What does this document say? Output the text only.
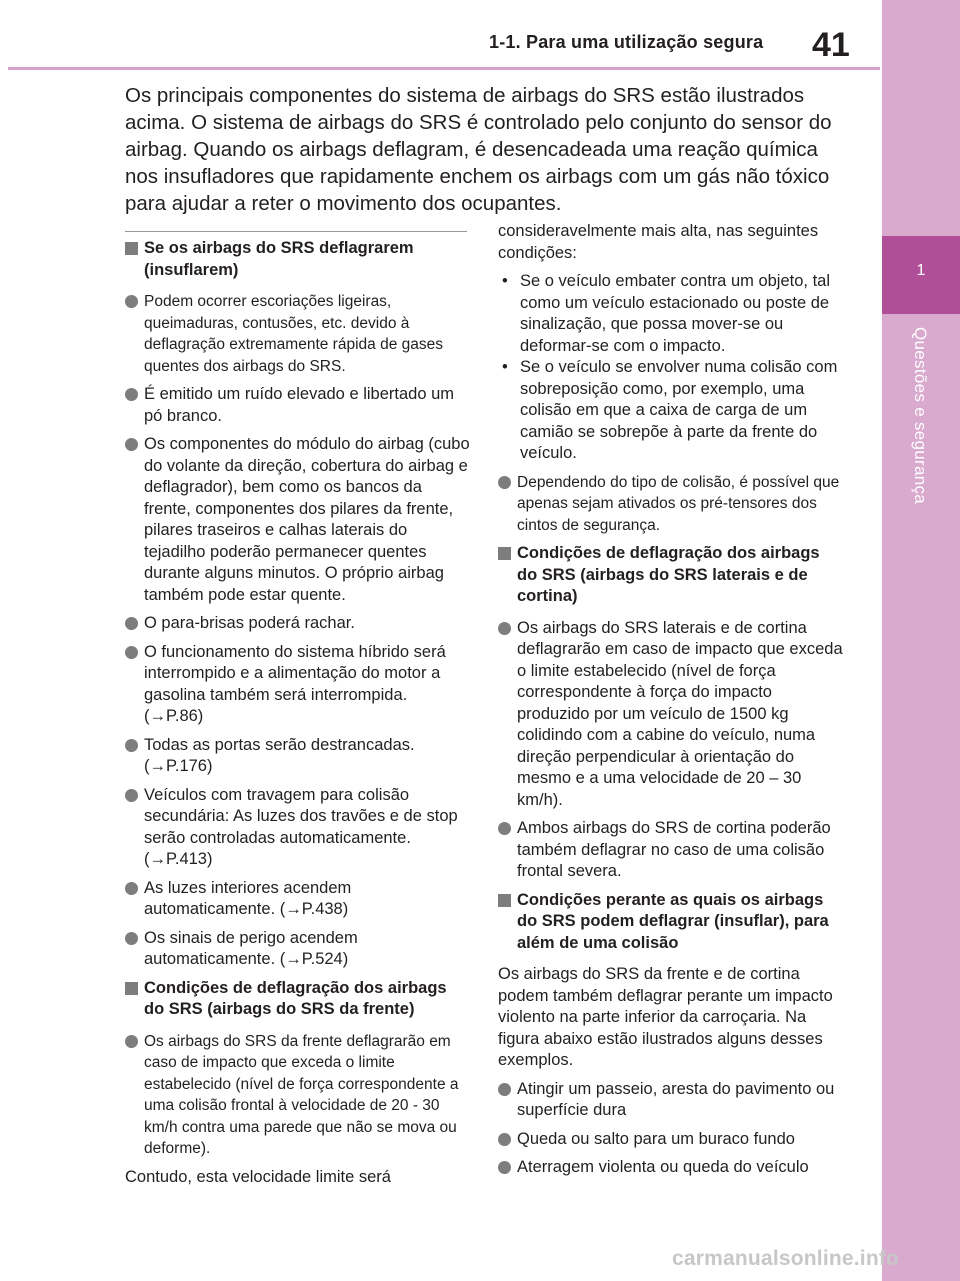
1
Questões e segurança
1-1. Para uma utilização segura 41
Os principais componentes do sistema de airbags do SRS estão ilustrados acima. O sistema de airbags do SRS é controlado pelo conjunto do sensor do airbag. Quando os airbags deflagram, é desencadeada uma reação química nos insufladores que rapidamente enchem os airbags com um gás não tóxico para ajudar a reter o movimento dos ocupantes.
Se os airbags do SRS deflagrarem (insuflarem)
Podem ocorrer escoriações ligeiras, queimaduras, contusões, etc. devido à deflagração extremamente rápida de gases quentes dos airbags do SRS.
É emitido um ruído elevado e libertado um pó branco.
Os componentes do módulo do airbag (cubo do volante da direção, cobertura do airbag e deflagrador), bem como os bancos da frente, componentes dos pilares da frente, pilares traseiros e calhas laterais do tejadilho poderão permanecer quentes durante alguns minutos. O próprio airbag também pode estar quente.
O para-brisas poderá rachar.
O funcionamento do sistema híbrido será interrompido e a alimentação do motor a gasolina também será interrompida. (→P.86)
Todas as portas serão destrancadas. (→P.176)
Veículos com travagem para colisão secundária: As luzes dos travões e de stop serão controladas automaticamente. (→P.413)
As luzes interiores acendem automaticamente. (→P.438)
Os sinais de perigo acendem automaticamente. (→P.524)
Condições de deflagração dos airbags do SRS (airbags do SRS da frente)
Os airbags do SRS da frente deflagrarão em caso de impacto que exceda o limite estabelecido (nível de força correspondente a uma colisão frontal à velocidade de 20 - 30 km/h contra uma parede que não se mova ou deforme).
Contudo, esta velocidade limite será
consideravelmente mais alta, nas seguintes condições:
• Se o veículo embater contra um objeto, tal como um veículo estacionado ou poste de sinalização, que possa mover-se ou deformar-se com o impacto.
• Se o veículo se envolver numa colisão com sobreposição como, por exemplo, uma colisão em que a caixa de carga de um camião se sobrepõe à parte da frente do veículo.
Dependendo do tipo de colisão, é possível que apenas sejam ativados os pré-tensores dos cintos de segurança.
Condições de deflagração dos airbags do SRS (airbags do SRS laterais e de cortina)
Os airbags do SRS laterais e de cortina deflagrarão em caso de impacto que exceda o limite estabelecido (nível de força correspondente à força do impacto produzido por um veículo de 1500 kg colidindo com a cabine do veículo, numa direção perpendicular à orientação do mesmo e a uma velocidade de 20 – 30 km/h).
Ambos airbags do SRS de cortina poderão também deflagrar no caso de uma colisão frontal severa.
Condições perante as quais os airbags do SRS podem deflagrar (insuflar), para além de uma colisão
Os airbags do SRS da frente e de cortina podem também deflagrar perante um impacto violento na parte inferior da carroçaria. Na figura abaixo estão ilustrados alguns desses exemplos.
Atingir um passeio, aresta do pavimento ou superfície dura
Queda ou salto para um buraco fundo
Aterragem violenta ou queda do veículo
carmanualsonline.info
